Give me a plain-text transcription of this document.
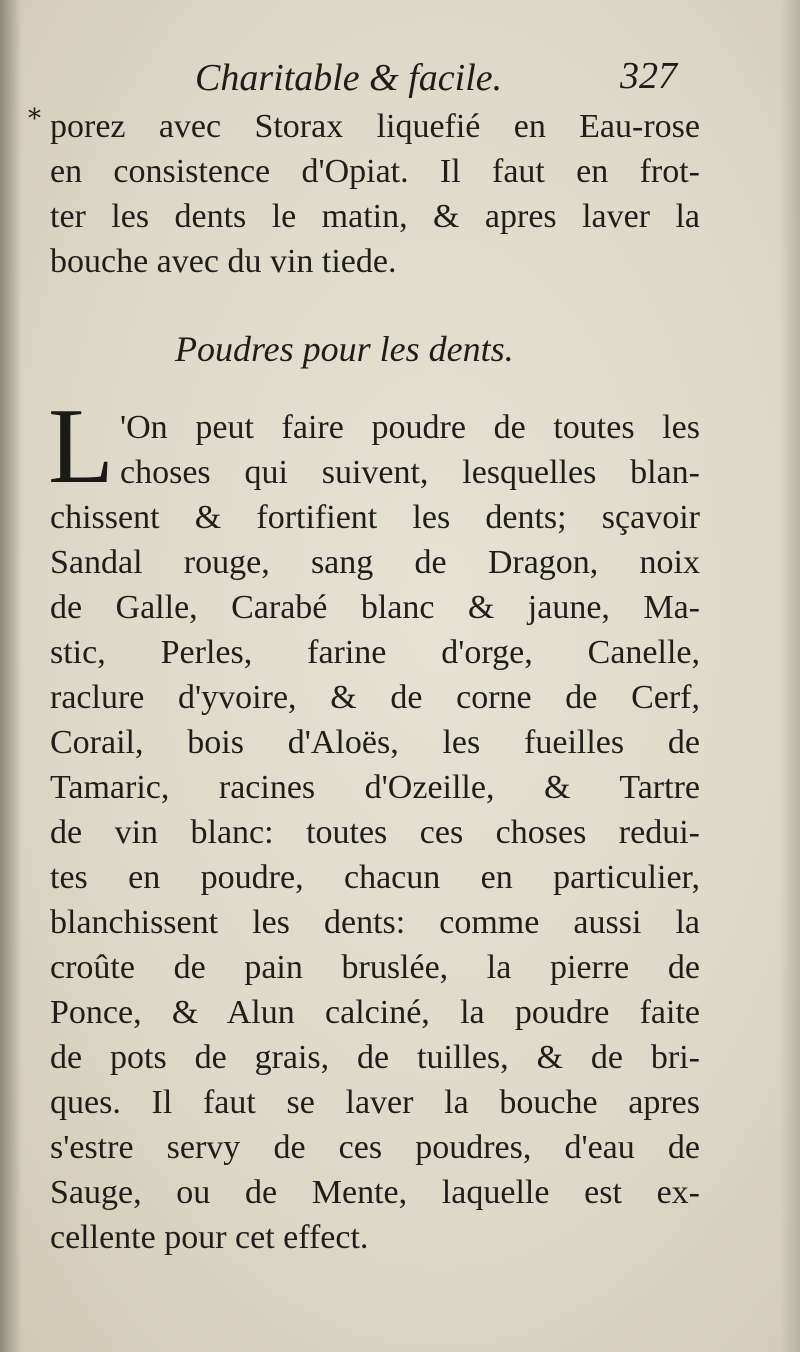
Charitable & facile.	327
* porez avec Storax liquefié en Eau-rose
en consistence d'Opiat. Il faut en frot-
ter les dents le matin, & apres laver la
bouche avec du vin tiede.
Poudres pour les dents.
L 'On peut faire poudre de toutes les
choses qui suivent, lesquelles blan-
chissent & fortifient les dents; sçavoir
Sandal rouge, sang de Dragon, noix
de Galle, Carabé blanc & jaune, Ma-
stic, Perles, farine d'orge, Canelle,
raclure d'yvoire, & de corne de Cerf,
Corail, bois d'Aloës, les fueilles de
Tamaric, racines d'Ozeille, & Tartre
de vin blanc: toutes ces choses redui-
tes en poudre, chacun en particulier,
blanchissent les dents: comme aussi la
croûte de pain bruslée, la pierre de
Ponce, & Alun calciné, la poudre faite
de pots de grais, de tuilles, & de bri-
ques. Il faut se laver la bouche apres
s'estre servy de ces poudres, d'eau de
Sauge, ou de Mente, laquelle est ex-
cellente pour cet effect.
